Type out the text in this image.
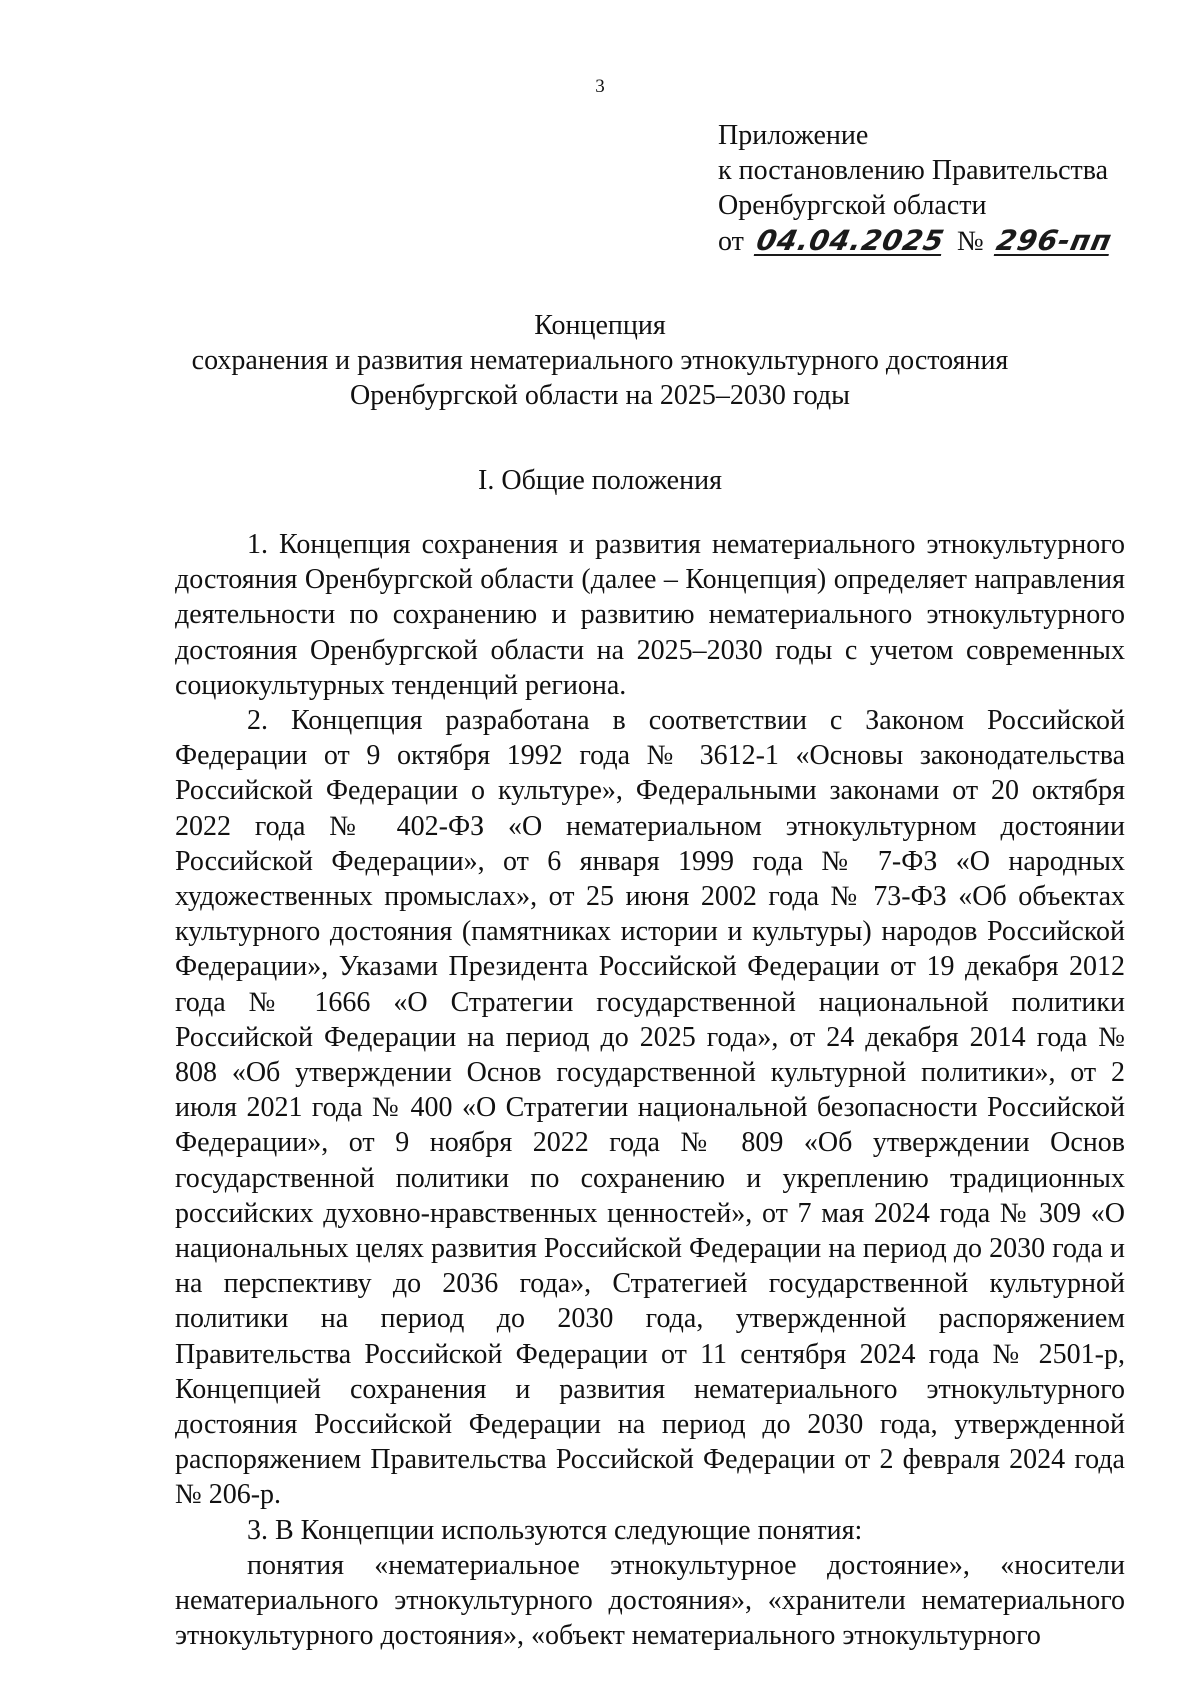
3
Приложение
к постановлению Правительства
Оренбургской области
от 04.04.2025 № 296-пп
Концепция
сохранения и развития нематериального этнокультурного достояния
Оренбургской области на 2025–2030 годы
I. Общие положения

1. Концепция сохранения и развития нематериального этнокультурного достояния Оренбургской области (далее – Концепция) определяет направления деятельности по сохранению и развитию нематериального этнокультурного достояния Оренбургской области на 2025–2030 годы с учетом современных социокультурных тенденций региона.

2. Концепция разработана в соответствии с Законом Российской Федерации от 9 октября 1992 года № 3612-1 «Основы законодательства Российской Федерации о культуре», Федеральными законами от 20 октября 2022 года № 402-ФЗ «О нематериальном этнокультурном достоянии Российской Федерации», от 6 января 1999 года № 7-ФЗ «О народных художественных промыслах», от 25 июня 2002 года № 73-ФЗ «Об объектах культурного достояния (памятниках истории и культуры) народов Российской Федерации», Указами Президента Российской Федерации от 19 декабря 2012 года № 1666 «О Стратегии государственной национальной политики Российской Федерации на период до 2025 года», от 24 декабря 2014 года № 808 «Об утверждении Основ государственной культурной политики», от 2 июля 2021 года № 400 «О Стратегии национальной безопасности Российской Федерации», от 9 ноября 2022 года № 809 «Об утверждении Основ государственной политики по сохранению и укреплению традиционных российских духовно-нравственных ценностей», от 7 мая 2024 года № 309 «О национальных целях развития Российской Федерации на период до 2030 года и на перспективу до 2036 года», Стратегией государственной культурной политики на период до 2030 года, утвержденной распоряжением Правительства Российской Федерации от 11 сентября 2024 года № 2501-р, Концепцией сохранения и развития нематериального этнокультурного достояния Российской Федерации на период до 2030 года, утвержденной распоряжением Правительства Российской Федерации от 2 февраля 2024 года № 206-р.

3. В Концепции используются следующие понятия:

понятия «нематериальное этнокультурное достояние», «носители нематериального этнокультурного достояния», «хранители нематериального этнокультурного достояния», «объект нематериального этнокультурного
